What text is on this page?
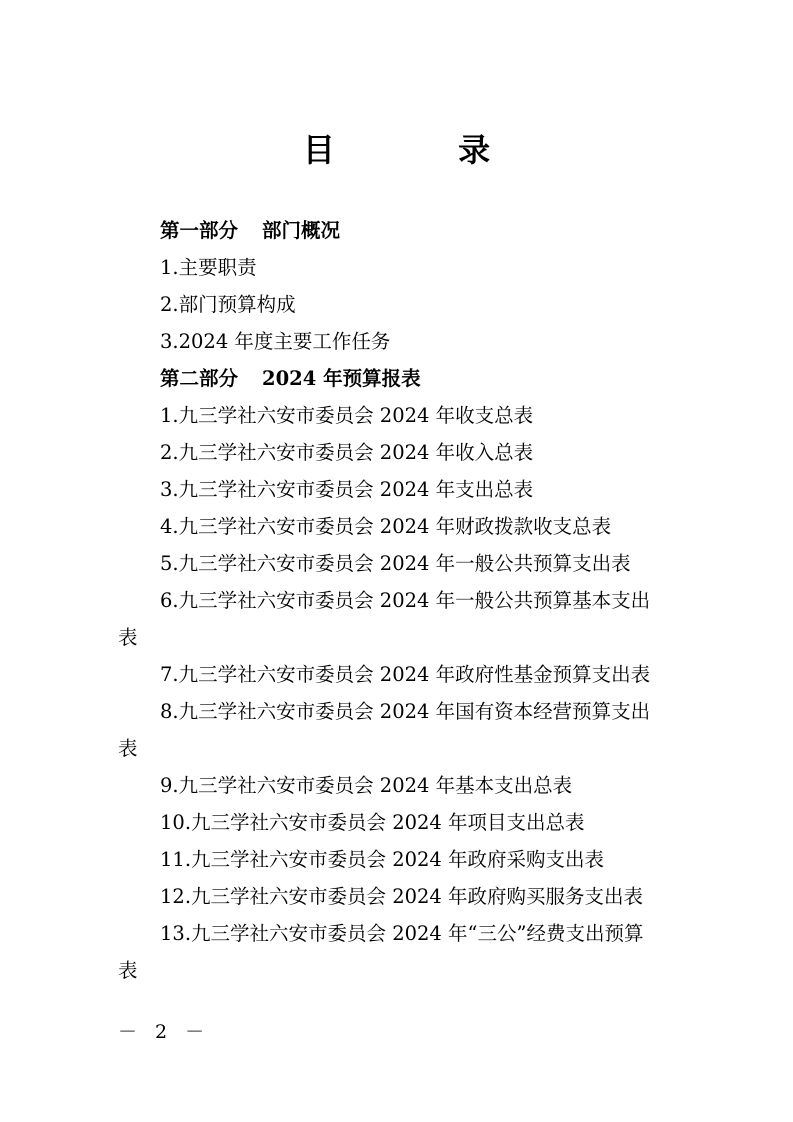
目 录
第一部分 部门概况
1.主要职责
2.部门预算构成
3.2024 年度主要工作任务
第二部分 2024 年预算报表
1.九三学社六安市委员会 2024 年收支总表
2.九三学社六安市委员会 2024 年收入总表
3.九三学社六安市委员会 2024 年支出总表
4.九三学社六安市委员会 2024 年财政拨款收支总表
5.九三学社六安市委员会 2024 年一般公共预算支出表
6.九三学社六安市委员会 2024 年一般公共预算基本支出
表
7.九三学社六安市委员会 2024 年政府性基金预算支出表
8.九三学社六安市委员会 2024 年国有资本经营预算支出
表
9.九三学社六安市委员会 2024 年基本支出总表
10.九三学社六安市委员会 2024 年项目支出总表
11.九三学社六安市委员会 2024 年政府采购支出表
12.九三学社六安市委员会 2024 年政府购买服务支出表
13.九三学社六安市委员会 2024 年“三公”经费支出预算
表
－ 2 －
